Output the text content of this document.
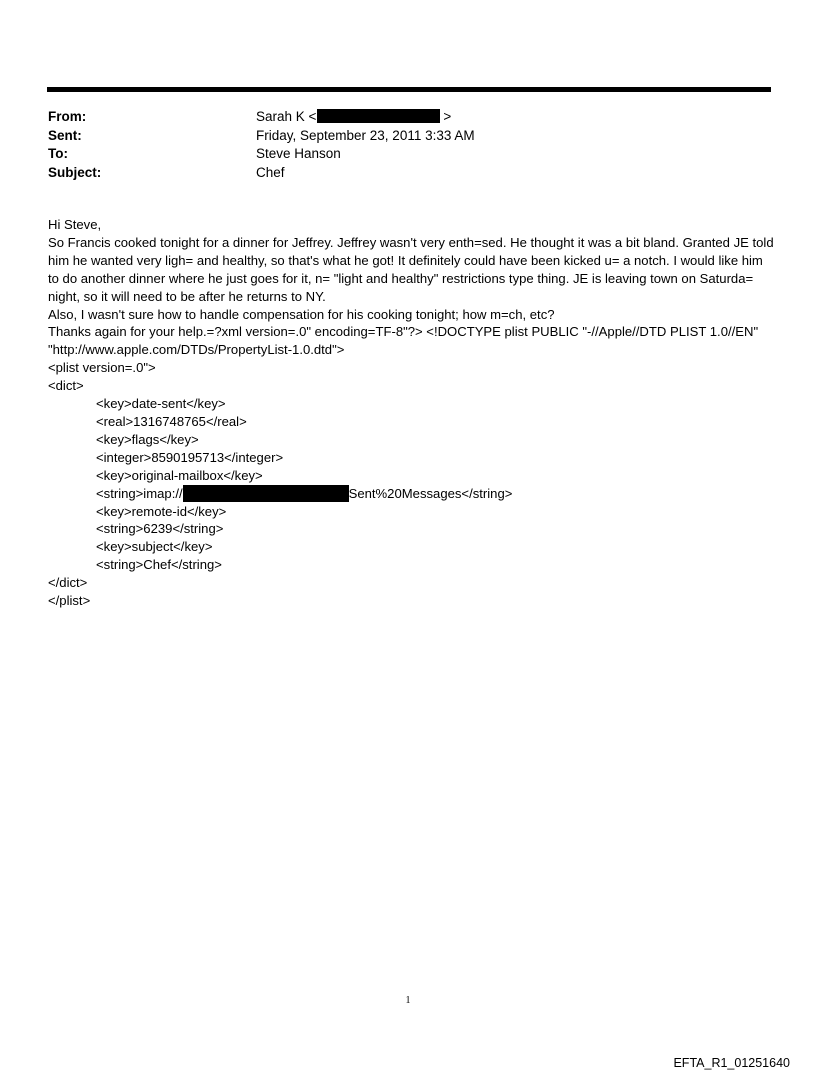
From:	Sarah K <	>
Sent:	Friday, September 23, 2011 3:33 AM
To:	Steve Hanson
Subject:	Chef

Hi Steve,

So Francis cooked tonight for a dinner for Jeffrey. Jeffrey wasn't very enth=sed. He thought it was a bit bland. Granted JE told him he wanted very ligh= and healthy, so that's what he got! It definitely could have been kicked u= a notch. I would like him to do another dinner where he just goes for it, n= "light and healthy" restrictions type thing. JE is leaving town on Saturda= night, so it will need to be after he returns to NY.

Also, I wasn't sure how to handle compensation for his cooking tonight; how m=ch, etc?

Thanks again for your help.=?xml version=.0" encoding=TF-8"?> <!DOCTYPE plist PUBLIC "-//Apple//DTD PLIST 1.0//EN" "http://www.apple.com/DTDs/PropertyList-1.0.dtd">

<plist version=.0">

<dict>

<key>date-sent</key>

<real>1316748765</real>

<key>flags</key>

<integer>8590195713</integer>

<key>original-mailbox</key>

<string>imap://	Sent%20Messages</string>

<key>remote-id</key>

<string>6239</string>

<key>subject</key>

<string>Chef</string>

</dict>

</plist>

1
EFTA_R1_01251640
